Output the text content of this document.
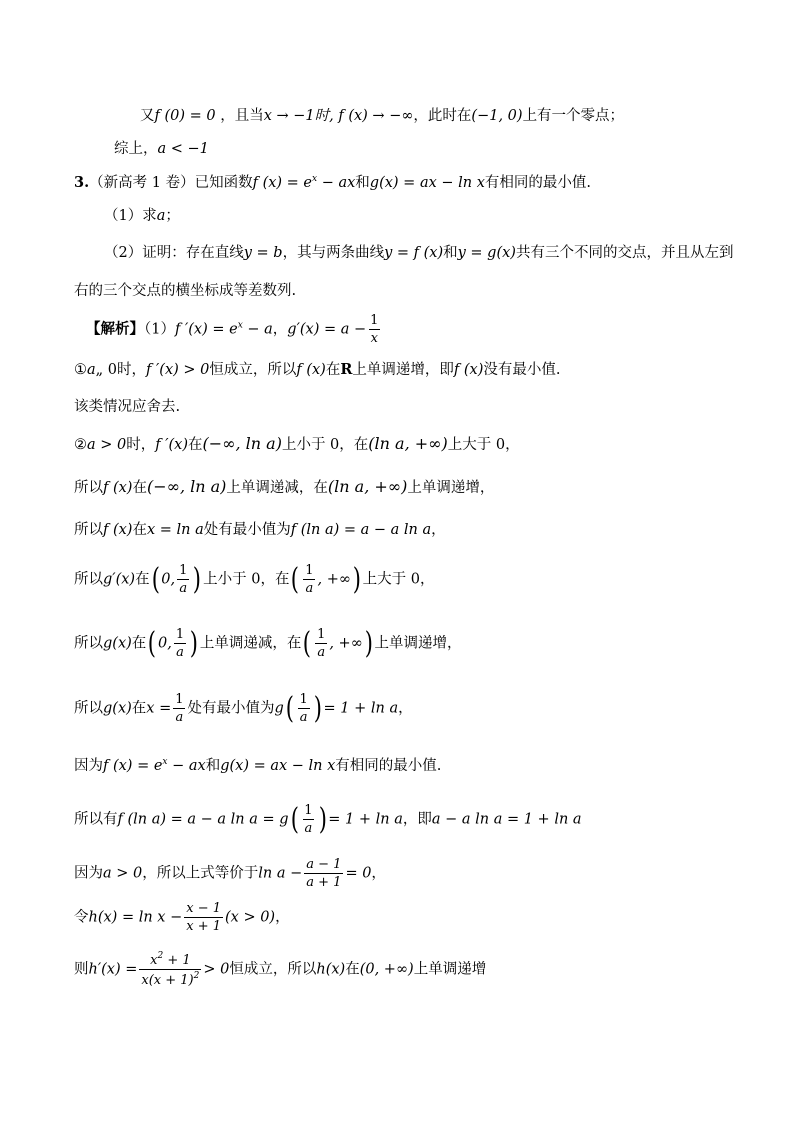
又f (0) = 0 ，且当x → −1时, f (x) → −∞，此时在(−1, 0)上有一个零点；
综上，a < −1
3.（新高考 1 卷）已知函数f $(x) = e^x$ − ax和g(x) = ax − ln x有相同的最小值.
（1）求a；
（2）证明：存在直线y = b，其与两条曲线y = f (x)和y = g(x)共有三个不同的交点，并且从左到
右的三个交点的横坐标成等差数列.
【解析】（1）f $'(x) = e^x - a$，$g'(x) = a - \frac{1}{x}$
①a„ 0时，f ′(x) > 0恒成立，所以f (x)在R上单调递增，即f (x)没有最小值.
该类情况应舍去.
②a > 0时，f ′(x)在(−∞, ln a)上小于 0，在(ln a, +∞)上大于 0，
所以f (x)在(−∞, ln a)上单调递减，在(ln a, +∞)上单调递增，
所以f (x)在x = ln a处有最小值为f (ln a) = a − a ln a，
所以g′(x)在( 0, $\frac{1}{a}$ ) 上小于 0，在( $\frac{1}{a}$ , +∞) 上大于 0，
所以g(x)在( 0, $\frac{1}{a}$ ) 上单调递减，在( $\frac{1}{a}$ , +∞) 上单调递增，
所以g(x)在$x = \frac{1}{a}$ 处有最小值为$g( \frac{1}{a}$ ) = 1 + ln a，
因为f $(x) = e^x$ − ax和g(x) = ax − ln x有相同的最小值.
所以有f (ln a) = a − a $\ln a = g( \frac{1}{a}$ ) = 1 + ln a，即a − a ln a = 1 + ln a
因为a > 0，所以上式等价于$\ln a - \frac{a - 1}{a + 1} = 0$，
令$h(x) = \ln x - \frac{x - 1}{x + 1} (x > 0)$，
则$h'(x) = \frac{x^2 + 1}{x(x + 1)^2} > 0$恒成立，所以h(x)在(0, +∞)上单调递增
